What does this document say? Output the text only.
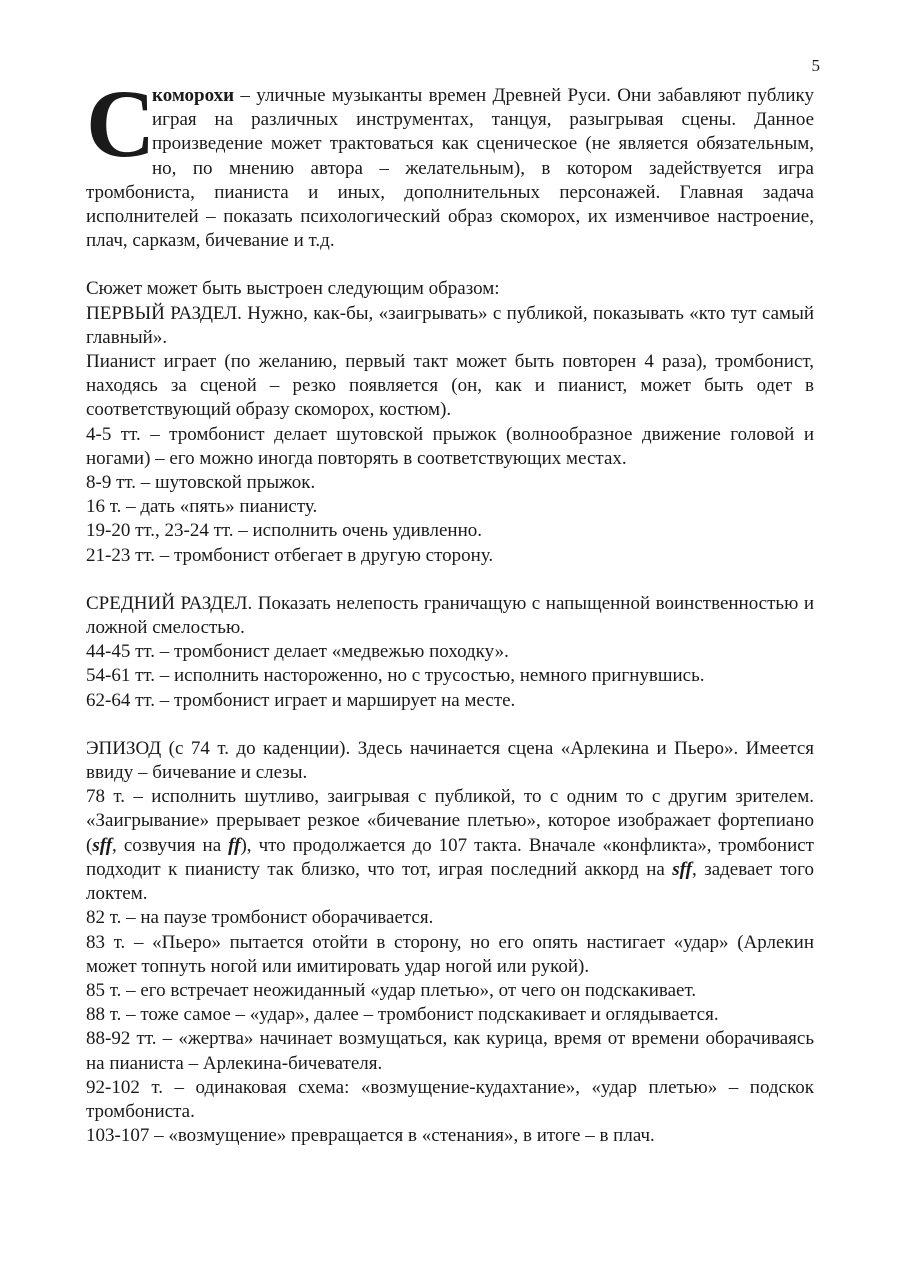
5
С

коморохи – уличные музыканты времен Древней Руси. Они забавляют публику играя на различных инструментах, танцуя, разыгрывая сцены. Данное произведение может трактоваться как сценическое (не является обязательным, но, по мнению автора – желательным), в котором задействуется игра тромбониста, пианиста и иных, дополнительных персонажей. Главная задача исполнителей – показать психологический образ скоморох, их изменчивое настроение, плач, сарказм, бичевание и т.д.

Сюжет может быть выстроен следующим образом:

ПЕРВЫЙ РАЗДЕЛ. Нужно, как-бы, «заигрывать» с публикой, показывать «кто тут самый главный».

Пианист играет (по желанию, первый такт может быть повторен 4 раза), тромбонист, находясь за сценой – резко появляется (он, как и пианист, может быть одет в соответствующий образу скоморох, костюм).

4-5 тт. – тромбонист делает шутовской прыжок (волнообразное движение головой и ногами) – его можно иногда повторять в соответствующих местах.

8-9 тт. – шутовской прыжок.

16 т. – дать «пять» пианисту.

19-20 тт., 23-24 тт. – исполнить очень удивленно.

21-23 тт. – тромбонист отбегает в другую сторону.

СРЕДНИЙ РАЗДЕЛ. Показать нелепость граничащую с напыщенной воинственностью и ложной смелостью.

44-45 тт. – тромбонист делает «медвежью походку».

54-61 тт. – исполнить настороженно, но с трусостью, немного пригнувшись.

62-64 тт. – тромбонист играет и марширует на месте.

ЭПИЗОД (с 74 т. до каденции). Здесь начинается сцена «Арлекина и Пьеро». Имеется ввиду – бичевание и слезы.

78 т. – исполнить шутливо, заигрывая с публикой, то с одним то с другим зрителем. «Заигрывание» прерывает резкое «бичевание плетью», которое изображает фортепиано (sff, созвучия на ff), что продолжается до 107 такта. Вначале «конфликта», тромбонист подходит к пианисту так близко, что тот, играя последний аккорд на sff, задевает того локтем.

82 т. – на паузе тромбонист оборачивается.

83 т. – «Пьеро» пытается отойти в сторону, но его опять настигает «удар» (Арлекин может топнуть ногой или имитировать удар ногой или рукой).

85 т. – его встречает неожиданный «удар плетью», от чего он подскакивает.

88 т. – тоже самое – «удар», далее – тромбонист подскакивает и оглядывается.

88-92 тт. – «жертва» начинает возмущаться, как курица, время от времени оборачиваясь на пианиста – Арлекина-бичевателя.

92-102 т. – одинаковая схема: «возмущение-кудахтание», «удар плетью» – подскок тромбониста.

103-107 – «возмущение» превращается в «стенания», в итоге – в плач.
